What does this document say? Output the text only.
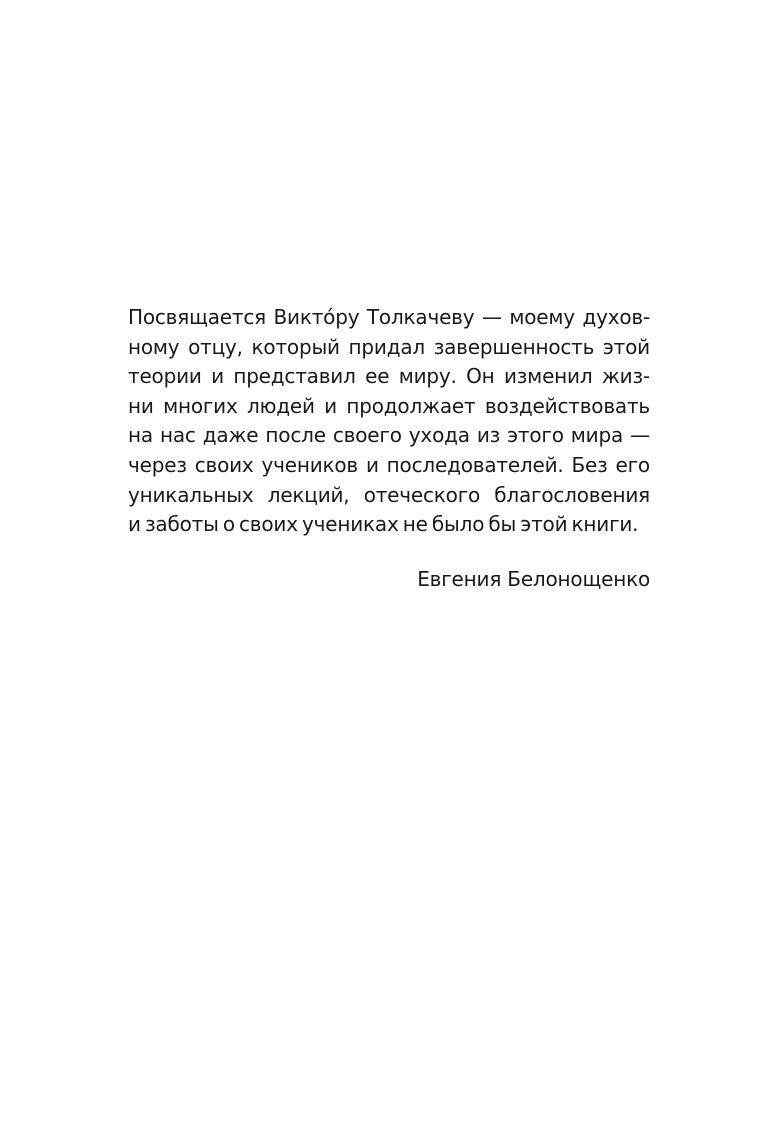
Посвящается Викто́ру Толкачеву — моему духов-
ному отцу, который придал завершенность этой
теории и представил ее миру. Он изменил жиз-
ни многих людей и продолжает воздействовать
на нас даже после своего ухода из этого мира —
через своих учеников и последователей. Без его
уникальных лекций, отеческого благословения
и заботы о своих учениках не было бы этой книги.
Евгения Белонощенко
